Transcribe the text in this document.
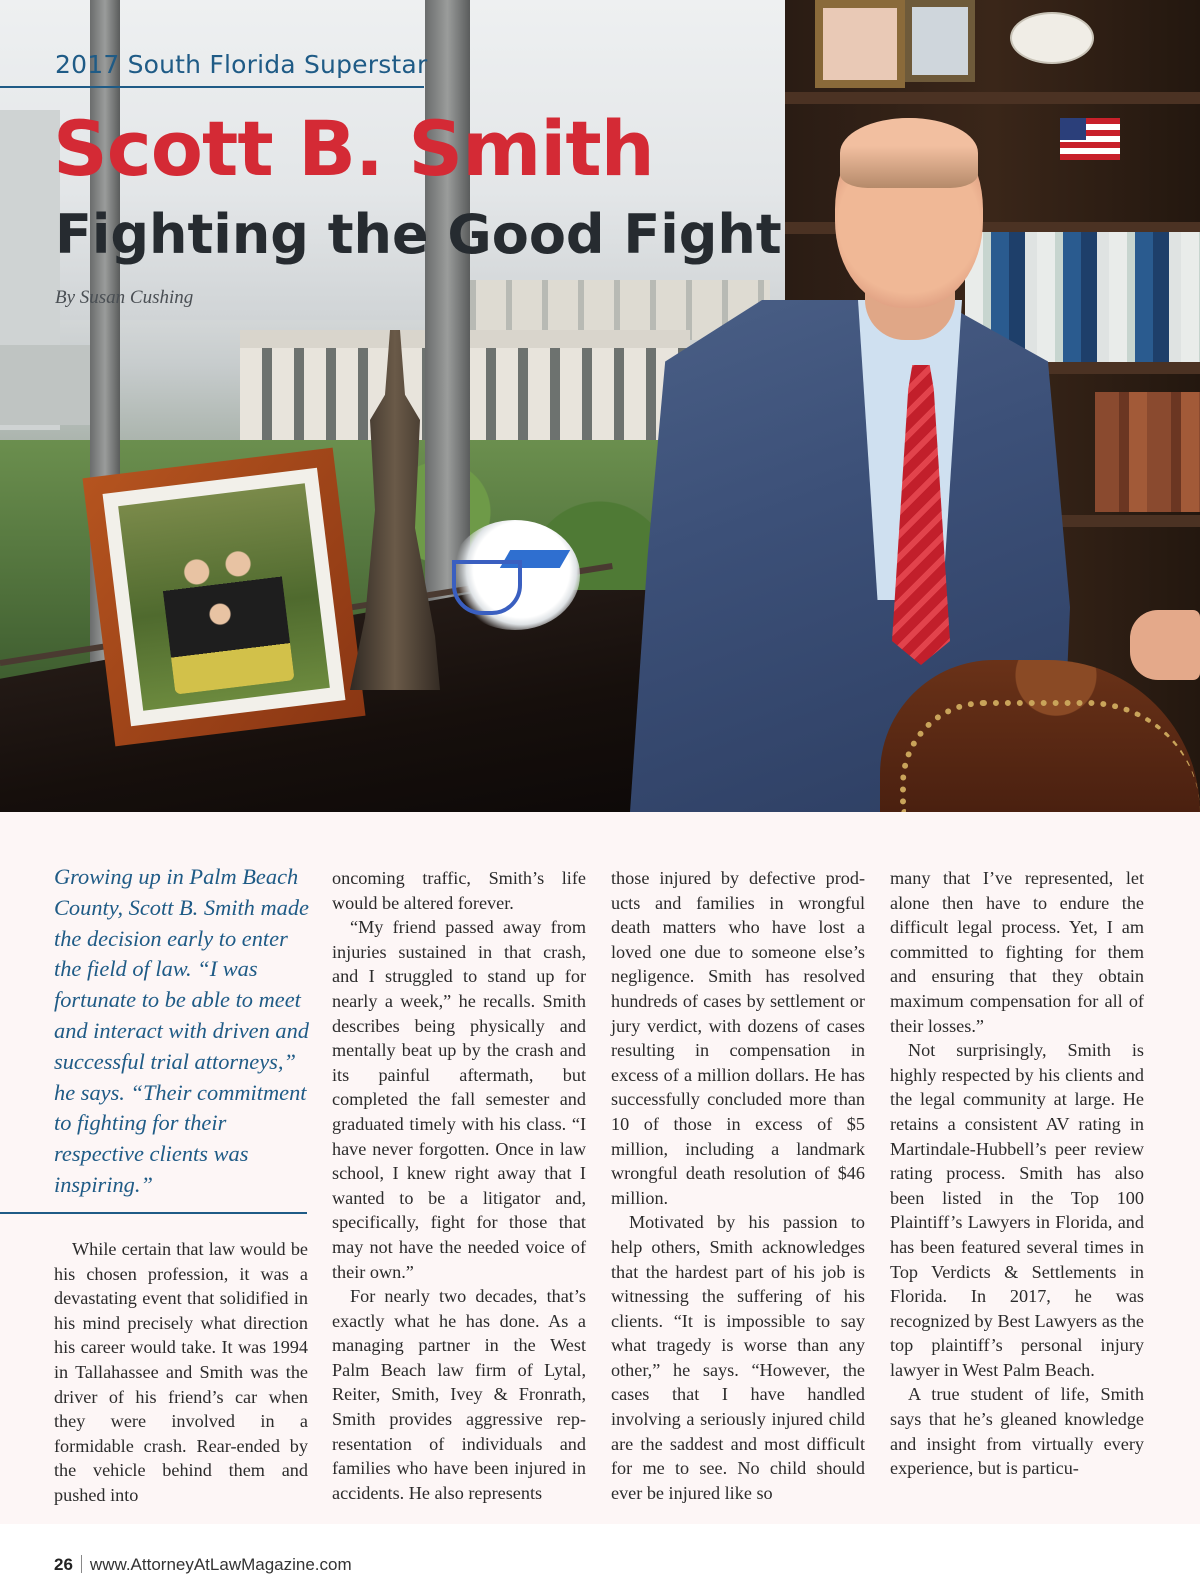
2017 South Florida Superstar
Scott B. Smith
Fighting the Good Fight
By Susan Cushing
Growing up in Palm Beach County, Scott B. Smith made the decision early to enter the field of law. “I was fortunate to be able to meet and interact with driven and successful trial attorneys,” he says. “Their commitment to fighting for their respective clients was inspiring.”

While certain that law would be his chosen profession, it was a devastating event that solidified in his mind precisely what direction his career would take. It was 1994 in Tallahassee and Smith was the driver of his friend’s car when they were involved in a formidable crash. Rear-ended by the vehicle behind them and pushed into

oncoming traffic, Smith’s life would be altered forever.

“My friend passed away from injuries sustained in that crash, and I struggled to stand up for nearly a week,” he recalls. Smith describes being physically and mentally beat up by the crash and its painful aftermath, but completed the fall semester and graduated timely with his class. “I have never forgotten. Once in law school, I knew right away that I wanted to be a litigator and, specifically, fight for those that may not have the needed voice of their own.”

For nearly two decades, that’s exactly what he has done. As a managing partner in the West Palm Beach law firm of Lytal, Reiter, Smith, Ivey & Fronrath, Smith provides aggressive representation of individuals and families who have been injured in accidents. He also represents

those injured by defective products and families in wrongful death matters who have lost a loved one due to someone else’s negligence. Smith has resolved hundreds of cases by settlement or jury verdict, with dozens of cases resulting in compensation in excess of a million dollars. He has successfully concluded more than 10 of those in excess of $5 million, including a landmark wrongful death resolution of $46 million.

Motivated by his passion to help others, Smith acknowledges that the hardest part of his job is witnessing the suffering of his clients. “It is impossible to say what tragedy is worse than any other,” he says. “However, the cases that I have handled involving a seriously injured child are the saddest and most difficult for me to see. No child should ever be injured like so

many that I’ve represented, let alone then have to endure the difficult legal process. Yet, I am committed to fighting for them and ensuring that they obtain maximum compensation for all of their losses.”

Not surprisingly, Smith is highly respected by his clients and the legal community at large. He retains a consistent AV rating in Martindale-Hubbell’s peer review rating process. Smith has also been listed in the Top 100 Plaintiff’s Lawyers in Florida, and has been featured several times in Top Verdicts & Settlements in Florida. In 2017, he was recognized by Best Lawyers as the top plaintiff’s personal injury lawyer in West Palm Beach.

A true student of life, Smith says that he’s gleaned knowledge and insight from virtually every experience, but is particu-

26 www.AttorneyAtLawMagazine.com
